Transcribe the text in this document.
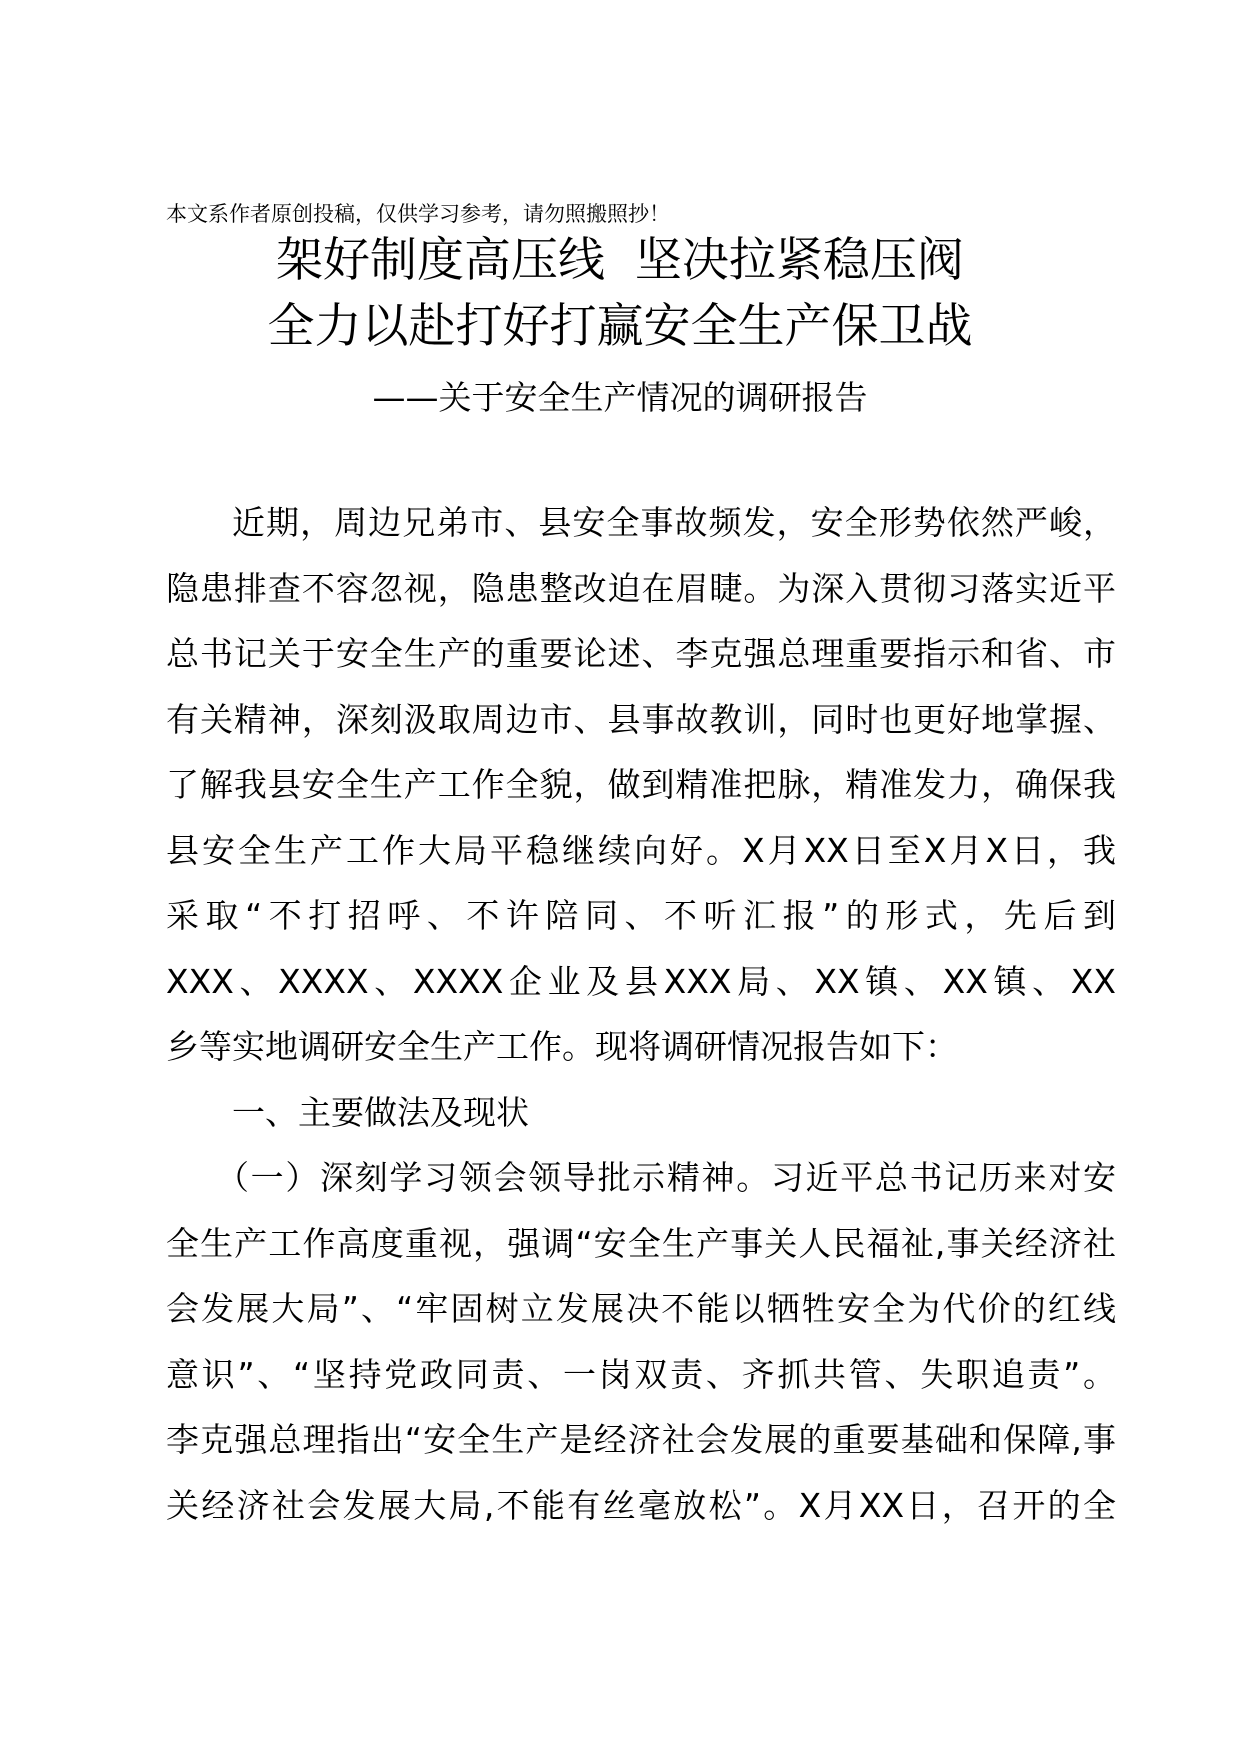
本文系作者原创投稿，仅供学习参考，请勿照搬照抄！
架好制度高压线  坚决拉紧稳压阀
全力以赴打好打赢安全生产保卫战
——关于安全生产情况的调研报告
近期，周边兄弟市、县安全事故频发，安全形势依然严峻，
隐患排查不容忽视，隐患整改迫在眉睫。为深入贯彻习落实近平
总书记关于安全生产的重要论述、李克强总理重要指示和省、市
有关精神，深刻汲取周边市、县事故教训，同时也更好地掌握、
了解我县安全生产工作全貌，做到精准把脉，精准发力，确保我
县安全生产工作大局平稳继续向好。X月XX日至X月X日，我
采取“不打招呼、不许陪同、不听汇报”的形式，先后到
XXX、XXXX、XXXX企业及县XXX局、XX镇、XX镇、XX
乡等实地调研安全生产工作。现将调研情况报告如下：
一、主要做法及现状
（一）深刻学习领会领导批示精神。习近平总书记历来对安
全生产工作高度重视，强调“安全生产事关人民福祉,事关经济社
会发展大局”、“牢固树立发展决不能以牺牲安全为代价的红线
意识”、“坚持党政同责、一岗双责、齐抓共管、失职追责”。
李克强总理指出“安全生产是经济社会发展的重要基础和保障,事
关经济社会发展大局,不能有丝毫放松”。X月XX日，召开的全
